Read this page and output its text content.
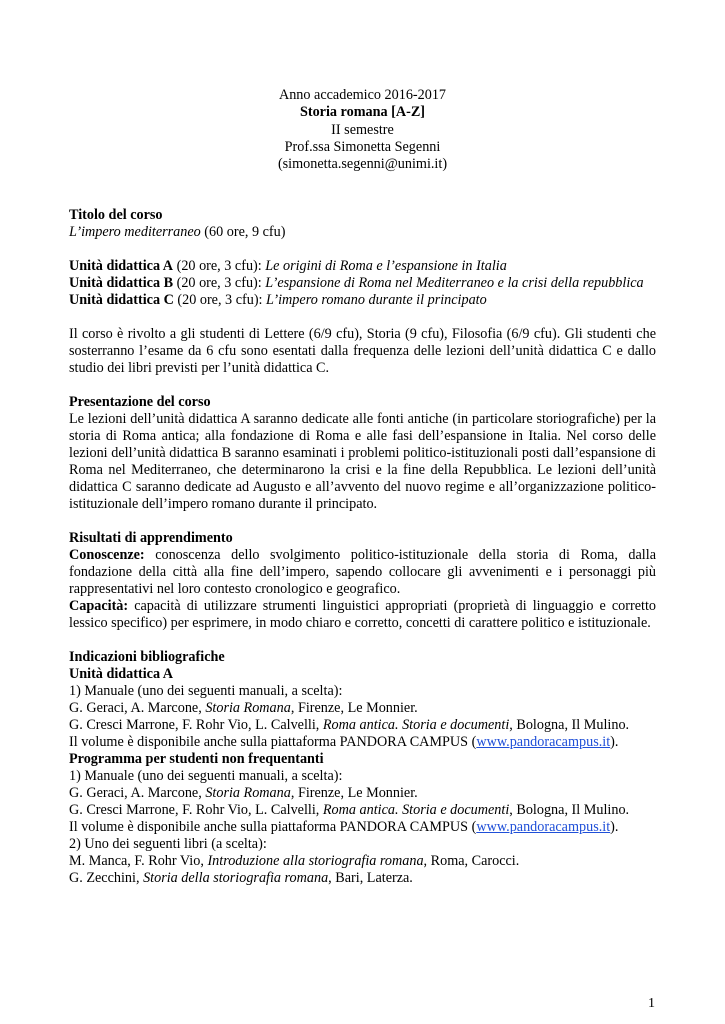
Anno accademico 2016-2017
Storia romana [A-Z]
II semestre
Prof.ssa Simonetta Segenni
(simonetta.segenni@unimi.it)

Titolo del corso

L’impero mediterraneo (60 ore, 9 cfu)

Unità didattica A (20 ore, 3 cfu): Le origini di Roma e l’espansione in Italia

Unità didattica B (20 ore, 3 cfu): L’espansione di Roma nel Mediterraneo e la crisi della repubblica

Unità didattica C (20 ore, 3 cfu): L’impero romano durante il principato

Il corso è rivolto a gli studenti di Lettere (6/9 cfu), Storia (9 cfu), Filosofia (6/9 cfu). Gli studenti che sosterranno l’esame da 6 cfu sono esentati dalla frequenza delle lezioni dell’unità didattica C e dallo studio dei libri previsti per l’unità didattica C.

Presentazione del corso

Le lezioni dell’unità didattica A saranno dedicate alle fonti antiche (in particolare storiografiche) per la storia di Roma antica; alla fondazione di Roma e alle fasi dell’espansione in Italia. Nel corso delle lezioni dell’unità didattica B saranno esaminati i problemi politico-istituzionali posti dall’espansione di Roma nel Mediterraneo, che determinarono la crisi e la fine della Repubblica. Le lezioni dell’unità didattica C saranno dedicate ad Augusto e all’avvento del nuovo regime e all’organizzazione politico- istituzionale dell’impero romano durante il principato.

Risultati di apprendimento

Conoscenze: conoscenza dello svolgimento politico-istituzionale della storia di Roma, dalla fondazione della città alla fine dell’impero, sapendo collocare gli avvenimenti e i personaggi più rappresentativi nel loro contesto cronologico e geografico.

Capacità: capacità di utilizzare strumenti linguistici appropriati (proprietà di linguaggio e corretto lessico specifico) per esprimere, in modo chiaro e corretto, concetti di carattere politico e istituzionale.

Indicazioni bibliografiche

Unità didattica A

1) Manuale (uno dei seguenti manuali, a scelta):

G. Geraci, A. Marcone, Storia Romana, Firenze, Le Monnier.

G. Cresci Marrone, F. Rohr Vio, L. Calvelli, Roma antica. Storia e documenti, Bologna, Il Mulino.

Il volume è disponibile anche sulla piattaforma PANDORA CAMPUS (www.pandoracampus.it).

Programma per studenti non frequentanti

1) Manuale (uno dei seguenti manuali, a scelta):

G. Geraci, A. Marcone, Storia Romana, Firenze, Le Monnier.

G. Cresci Marrone, F. Rohr Vio, L. Calvelli, Roma antica. Storia e documenti, Bologna, Il Mulino.

Il volume è disponibile anche sulla piattaforma PANDORA CAMPUS (www.pandoracampus.it).

2) Uno dei seguenti libri (a scelta):

M. Manca, F. Rohr Vio, Introduzione alla storiografia romana, Roma, Carocci.

G. Zecchini, Storia della storiografia romana, Bari, Laterza.

1
